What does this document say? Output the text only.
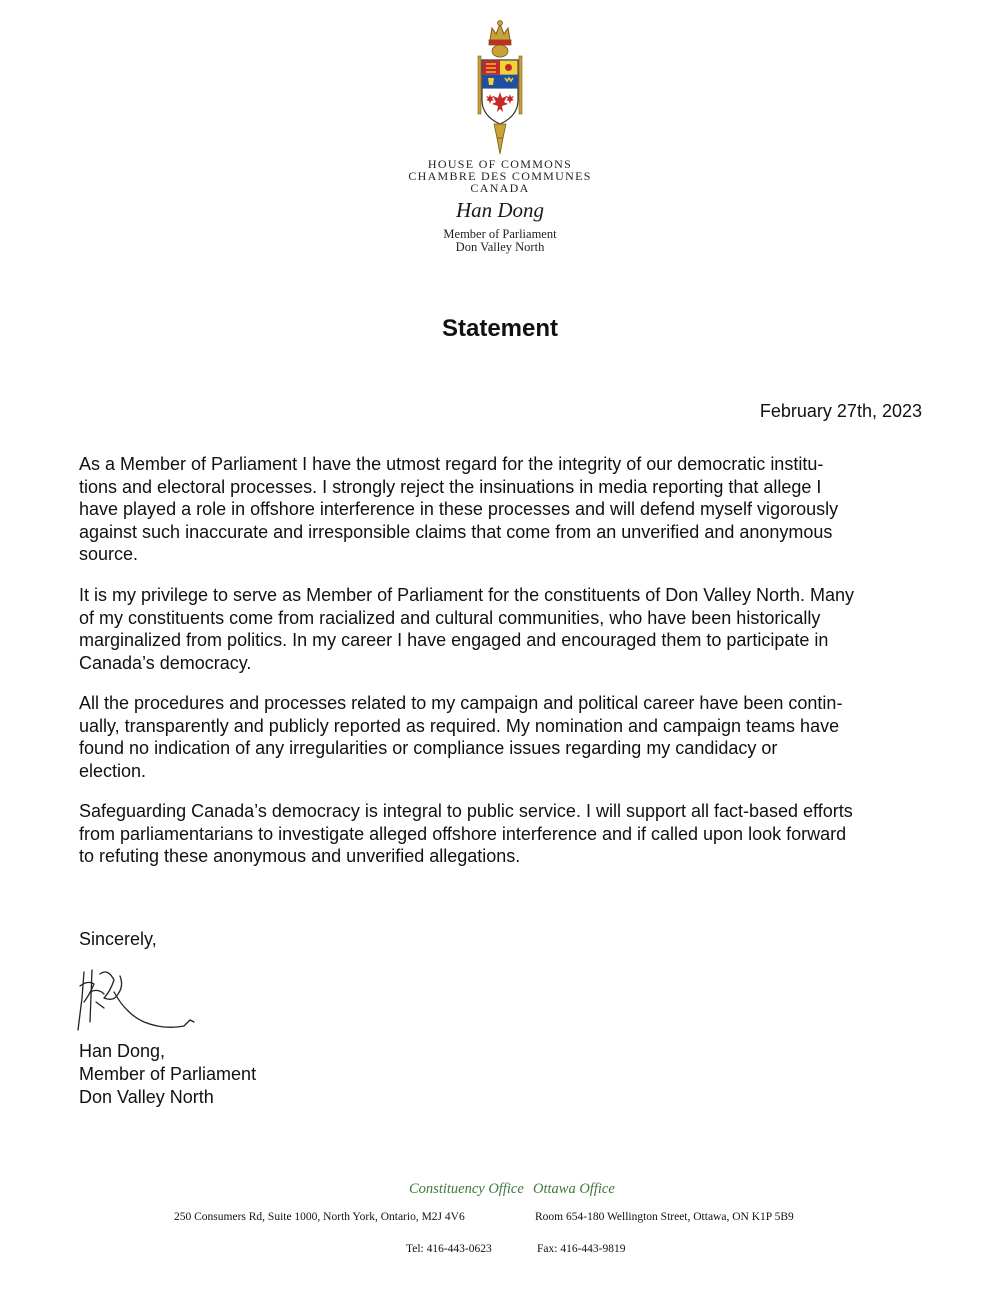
HOUSE OF COMMONS
CHAMBRE DES COMMUNES
CANADA
Han Dong
Member of Parliament
Don Valley North
Statement
February 27th, 2023
As a Member of Parliament I have the utmost regard for the integrity of our democratic institu-
tions and electoral processes. I strongly reject the insinuations in media reporting that allege I
have played a role in offshore interference in these processes and will defend myself vigorously
against such inaccurate and irresponsible claims that come from an unverified and anonymous
source.
It is my privilege to serve as Member of Parliament for the constituents of Don Valley North. Many
of my constituents come from racialized and cultural communities, who have been historically
marginalized from politics. In my career I have engaged and encouraged them to participate in
Canada’s democracy.
All the procedures and processes related to my campaign and political career have been contin-
ually, transparently and publicly reported as required. My nomination and campaign teams have
found no indication of any irregularities or compliance issues regarding my candidacy or
election.
Safeguarding Canada’s democracy is integral to public service. I will support all fact-based efforts
from parliamentarians to investigate alleged offshore interference and if called upon look forward
to refuting these anonymous and unverified allegations.
Sincerely,
Han Dong,
Member of Parliament
Don Valley North
Constituency Office Ottawa Office
250 Consumers Rd, Suite 1000, North York, Ontario, M2J 4V6	Room 654-180 Wellington Street, Ottawa, ON K1P 5B9
Tel: 416-443-0623	Fax: 416-443-9819
